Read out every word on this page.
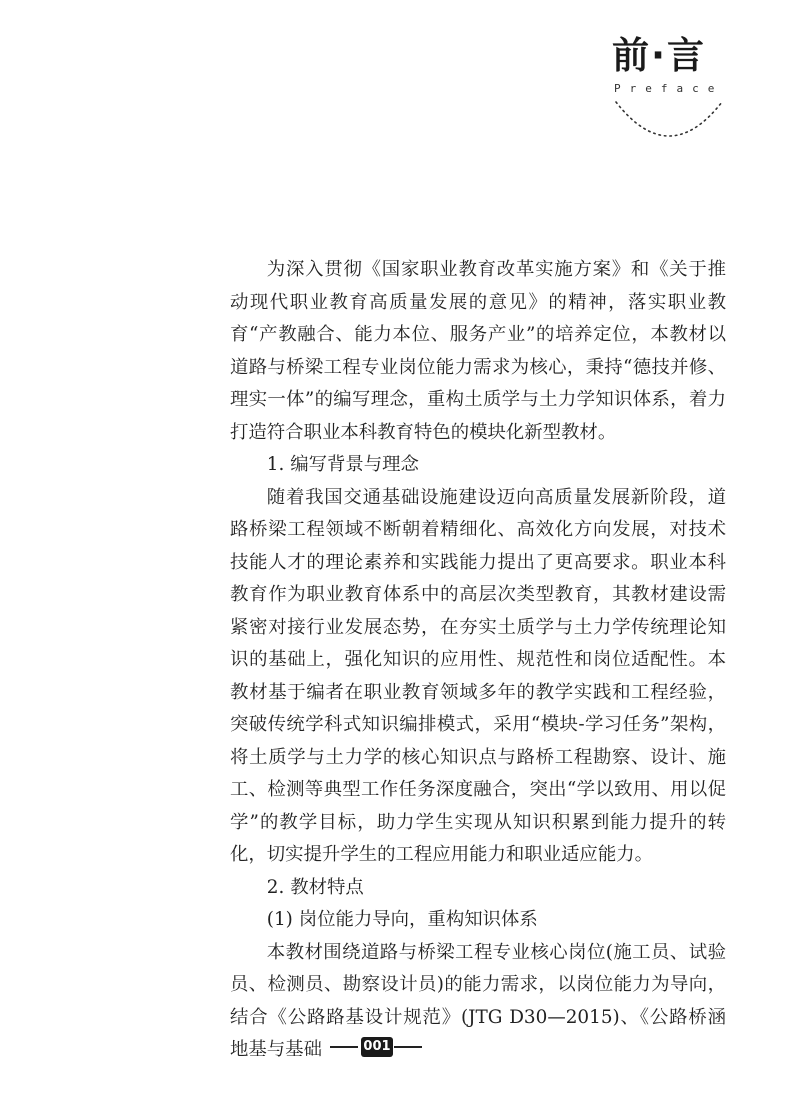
前·言
Preface

为深入贯彻《国家职业教育改革实施方案》和《关于推动现代职业教育高质量发展的意见》的精神，落实职业教育“产教融合、能力本位、服务产业”的培养定位，本教材以道路与桥梁工程专业岗位能力需求为核心，秉持“德技并修、理实一体”的编写理念，重构土质学与土力学知识体系，着力打造符合职业本科教育特色的模块化新型教材。

1. 编写背景与理念

随着我国交通基础设施建设迈向高质量发展新阶段，道路桥梁工程领域不断朝着精细化、高效化方向发展，对技术技能人才的理论素养和实践能力提出了更高要求。职业本科教育作为职业教育体系中的高层次类型教育，其教材建设需紧密对接行业发展态势，在夯实土质学与土力学传统理论知识的基础上，强化知识的应用性、规范性和岗位适配性。本教材基于编者在职业教育领域多年的教学实践和工程经验，突破传统学科式知识编排模式，采用“模块-学习任务”架构，将土质学与土力学的核心知识点与路桥工程勘察、设计、施工、检测等典型工作任务深度融合，突出“学以致用、用以促学”的教学目标，助力学生实现从知识积累到能力提升的转化，切实提升学生的工程应用能力和职业适应能力。

2. 教材特点

(1) 岗位能力导向，重构知识体系

本教材围绕道路与桥梁工程专业核心岗位(施工员、试验员、检测员、勘察设计员)的能力需求，以岗位能力为导向，结合《公路路基设计规范》(JTG D30—2015)、《公路桥涵地基与基础	001
